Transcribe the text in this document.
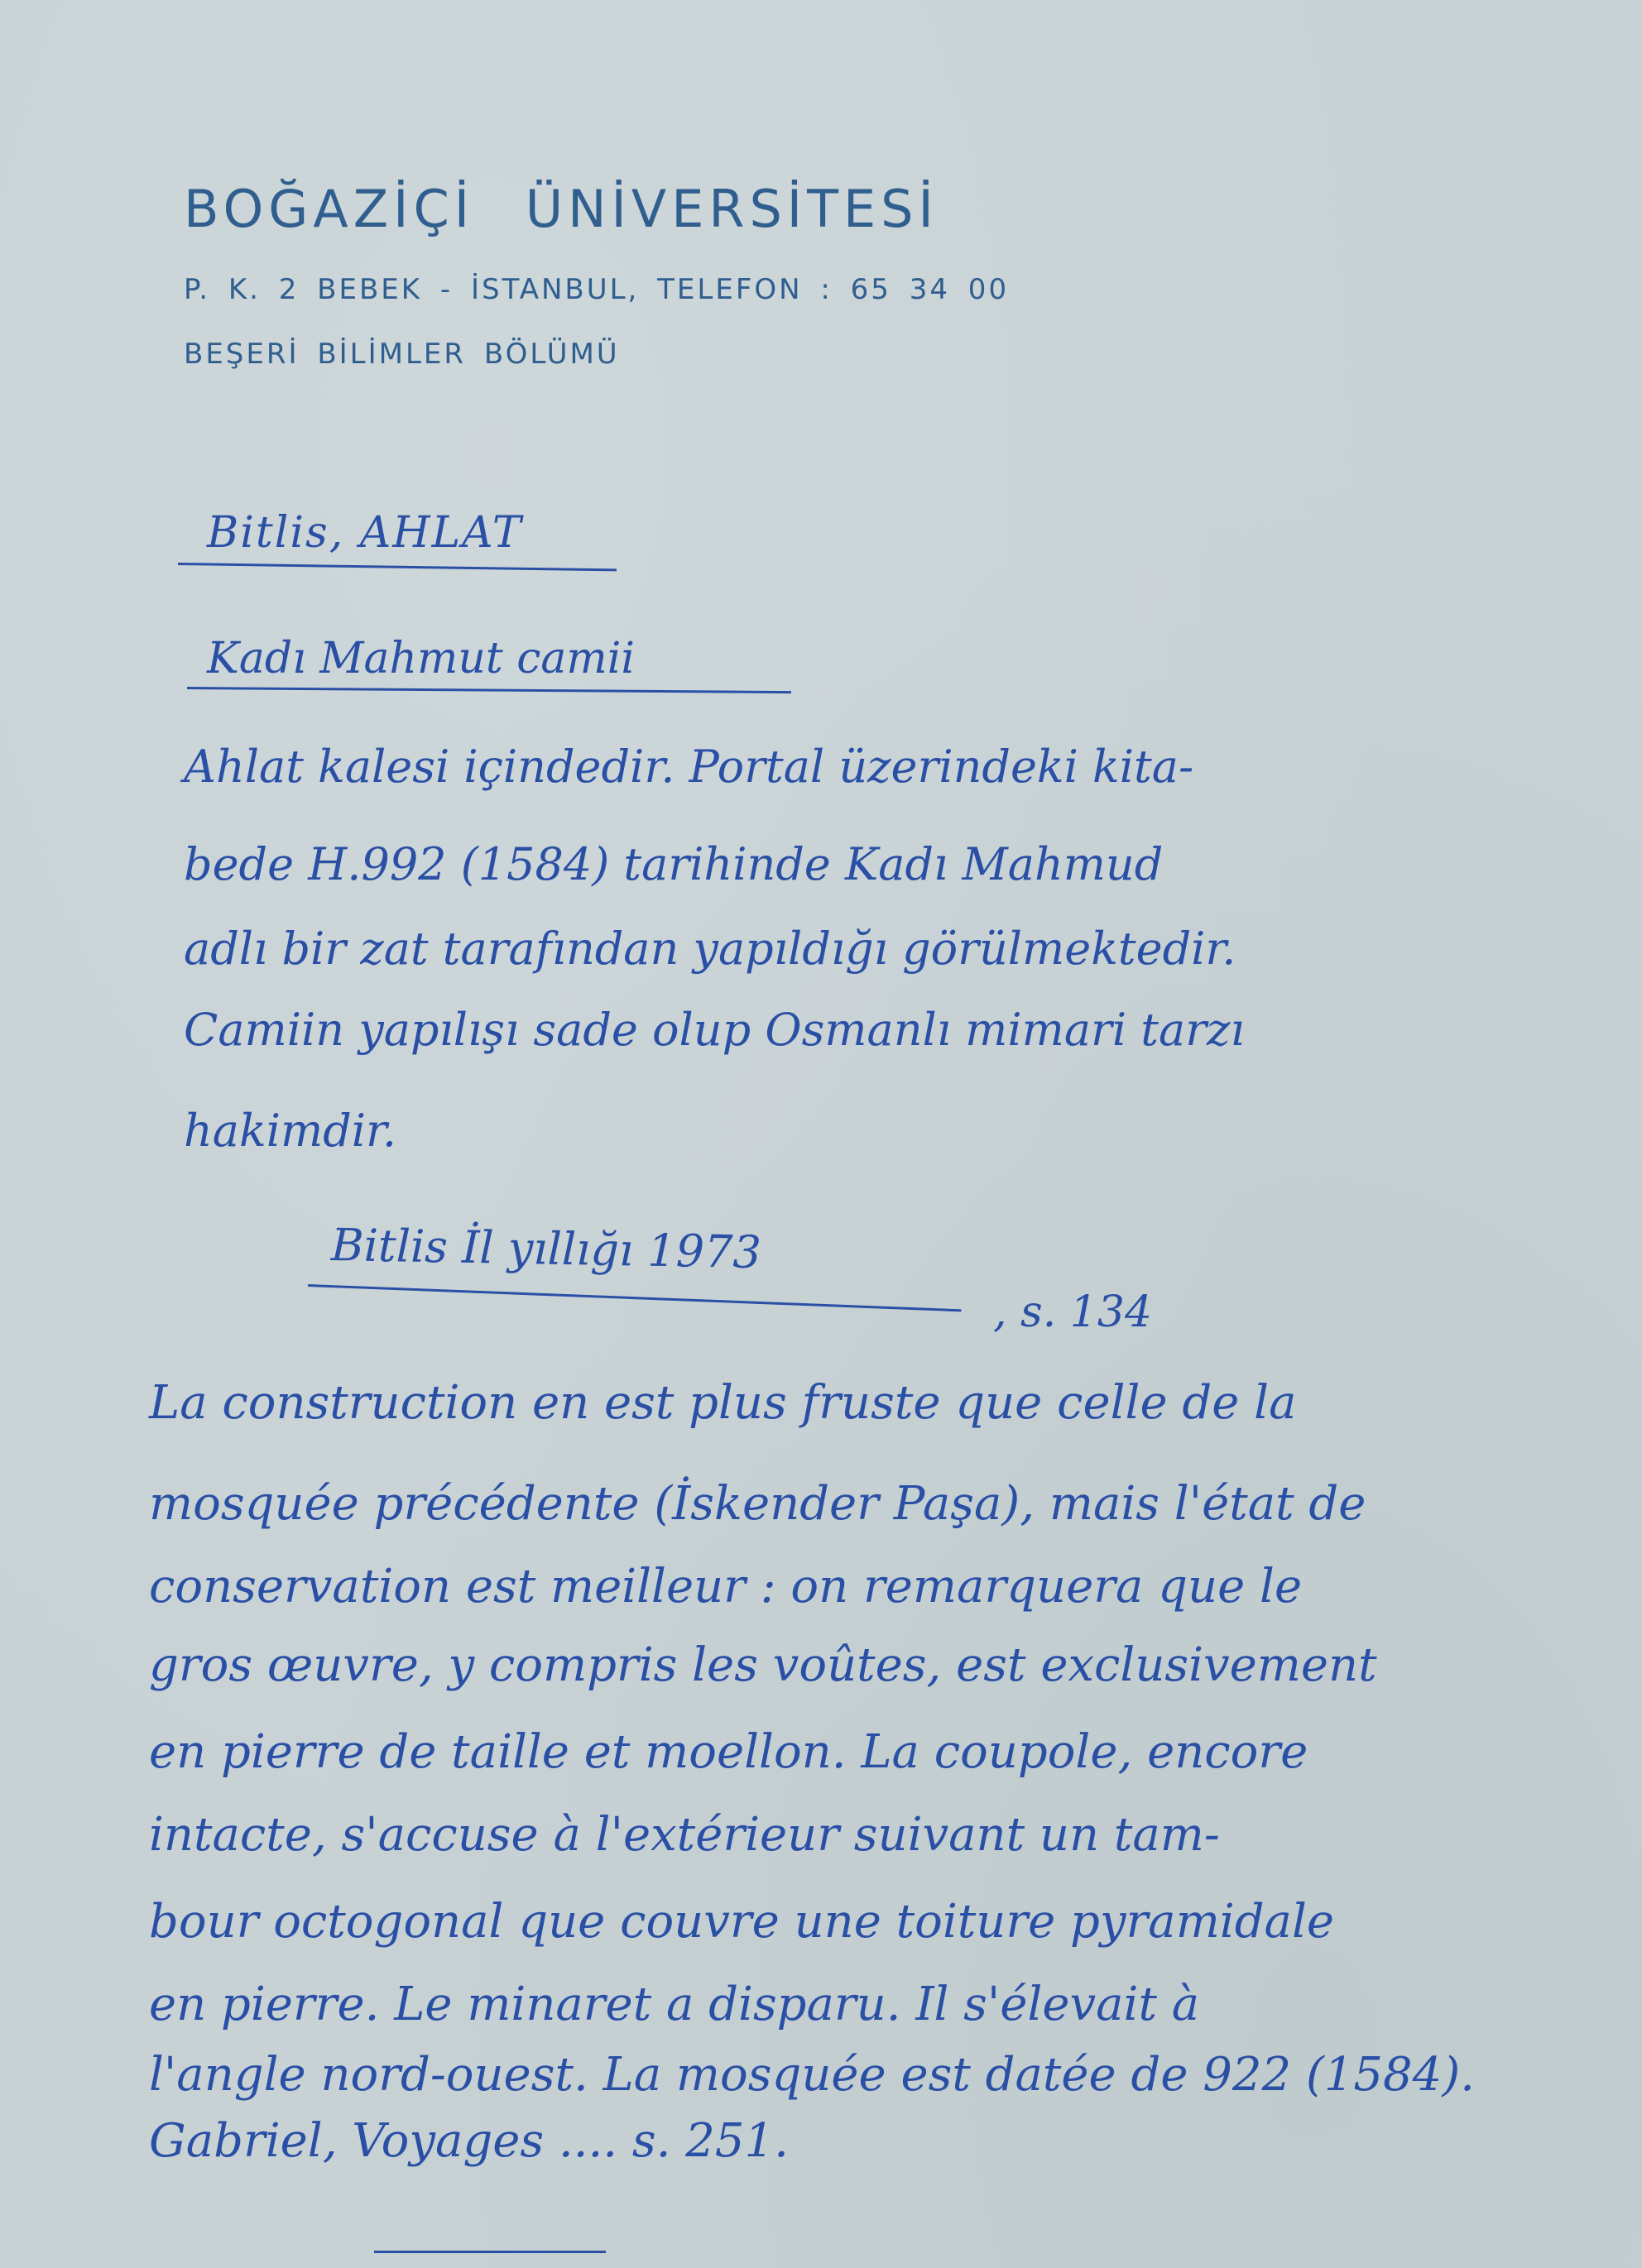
BOĞAZİÇİ ÜNİVERSİTESİ

P. K. 2 BEBEK - İSTANBUL, TELEFON : 65 34 00

BEŞERİ BİLİMLER BÖLÜMÜ

Bitlis, AHLAT
Kadı Mahmut camii
Ahlat kalesi içindedir. Portal üzerindeki kita-
bede H.992 (1584) tarihinde Kadı Mahmud
adlı bir zat tarafından yapıldığı görülmektedir.
Camiin yapılışı sade olup Osmanlı mimari tarzı
hakimdir.
Bitlis İl yıllığı 1973
, s. 134
La construction en est plus fruste que celle de la
mosquée précédente (İskender Paşa), mais l'état de
conservation est meilleur : on remarquera que le
gros œuvre, y compris les voûtes, est exclusivement
en pierre de taille et moellon. La coupole, encore
intacte, s'accuse à l'extérieur suivant un tam-
bour octogonal que couvre une toiture pyramidale
en pierre. Le minaret a disparu. Il s'élevait à
l'angle nord-ouest. La mosquée est datée de 922 (1584).
Gabriel, Voyages .... s. 251.
